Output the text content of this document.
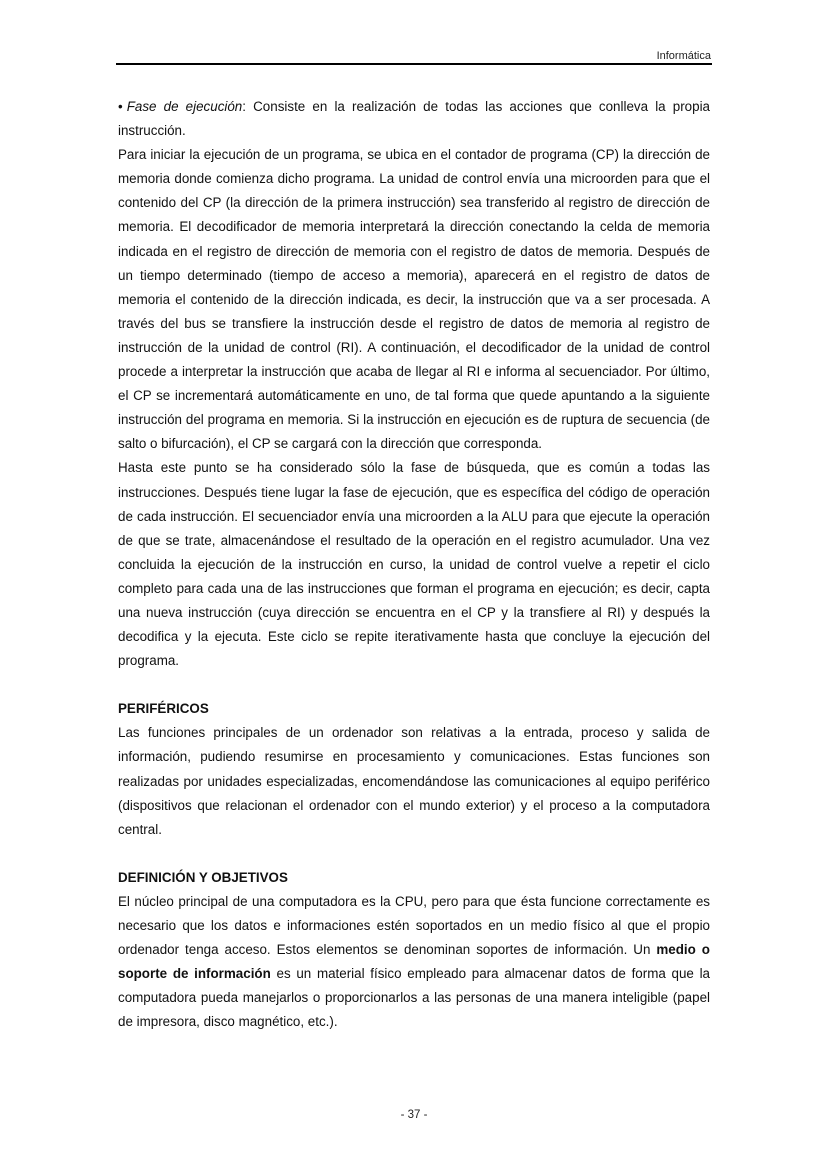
Informática

• Fase de ejecución: Consiste en la realización de todas las acciones que conlleva la propia instrucción.

Para iniciar la ejecución de un programa, se ubica en el contador de programa (CP) la dirección de memoria donde comienza dicho programa. La unidad de control envía una microorden para que el contenido del CP (la dirección de la primera instrucción) sea transferido al registro de dirección de memoria. El decodificador de memoria interpretará la dirección conectando la celda de memoria indicada en el registro de dirección de memoria con el registro de datos de memoria. Después de un tiempo determinado (tiempo de acceso a memoria), aparecerá en el registro de datos de memoria el contenido de la dirección indicada, es decir, la instrucción que va a ser procesada. A través del bus se transfiere la instrucción desde el registro de datos de memoria al registro de instrucción de la unidad de control (RI). A continuación, el decodificador de la unidad de control procede a interpretar la instrucción que acaba de llegar al RI e informa al secuenciador. Por último, el CP se incrementará automáticamente en uno, de tal forma que quede apuntando a la siguiente instrucción del programa en memoria. Si la instrucción en ejecución es de ruptura de secuencia (de salto o bifurcación), el CP se cargará con la dirección que corresponda.

Hasta este punto se ha considerado sólo la fase de búsqueda, que es común a todas las instrucciones. Después tiene lugar la fase de ejecución, que es específica del código de operación de cada instrucción. El secuenciador envía una microorden a la ALU para que ejecute la operación de que se trate, almacenándose el resultado de la operación en el registro acumulador. Una vez concluida la ejecución de la instrucción en curso, la unidad de control vuelve a repetir el ciclo completo para cada una de las instrucciones que forman el programa en ejecución; es decir, capta una nueva instrucción (cuya dirección se encuentra en el CP y la transfiere al RI) y después la decodifica y la ejecuta. Este ciclo se repite iterativamente hasta que concluye la ejecución del programa.

PERIFÉRICOS

Las funciones principales de un ordenador son relativas a la entrada, proceso y salida de información, pudiendo resumirse en procesamiento y comunicaciones. Estas funciones son realizadas por unidades especializadas, encomendándose las comunicaciones al equipo periférico (dispositivos que relacionan el ordenador con el mundo exterior) y el proceso a la computadora central.

DEFINICIÓN Y OBJETIVOS

El núcleo principal de una computadora es la CPU, pero para que ésta funcione correctamente es necesario que los datos e informaciones estén soportados en un medio físico al que el propio ordenador tenga acceso. Estos elementos se denominan soportes de información. Un medio o soporte de información es un material físico empleado para almacenar datos de forma que la computadora pueda manejarlos o proporcionarlos a las personas de una manera inteligible (papel de impresora, disco magnético, etc.).

- 37 -
